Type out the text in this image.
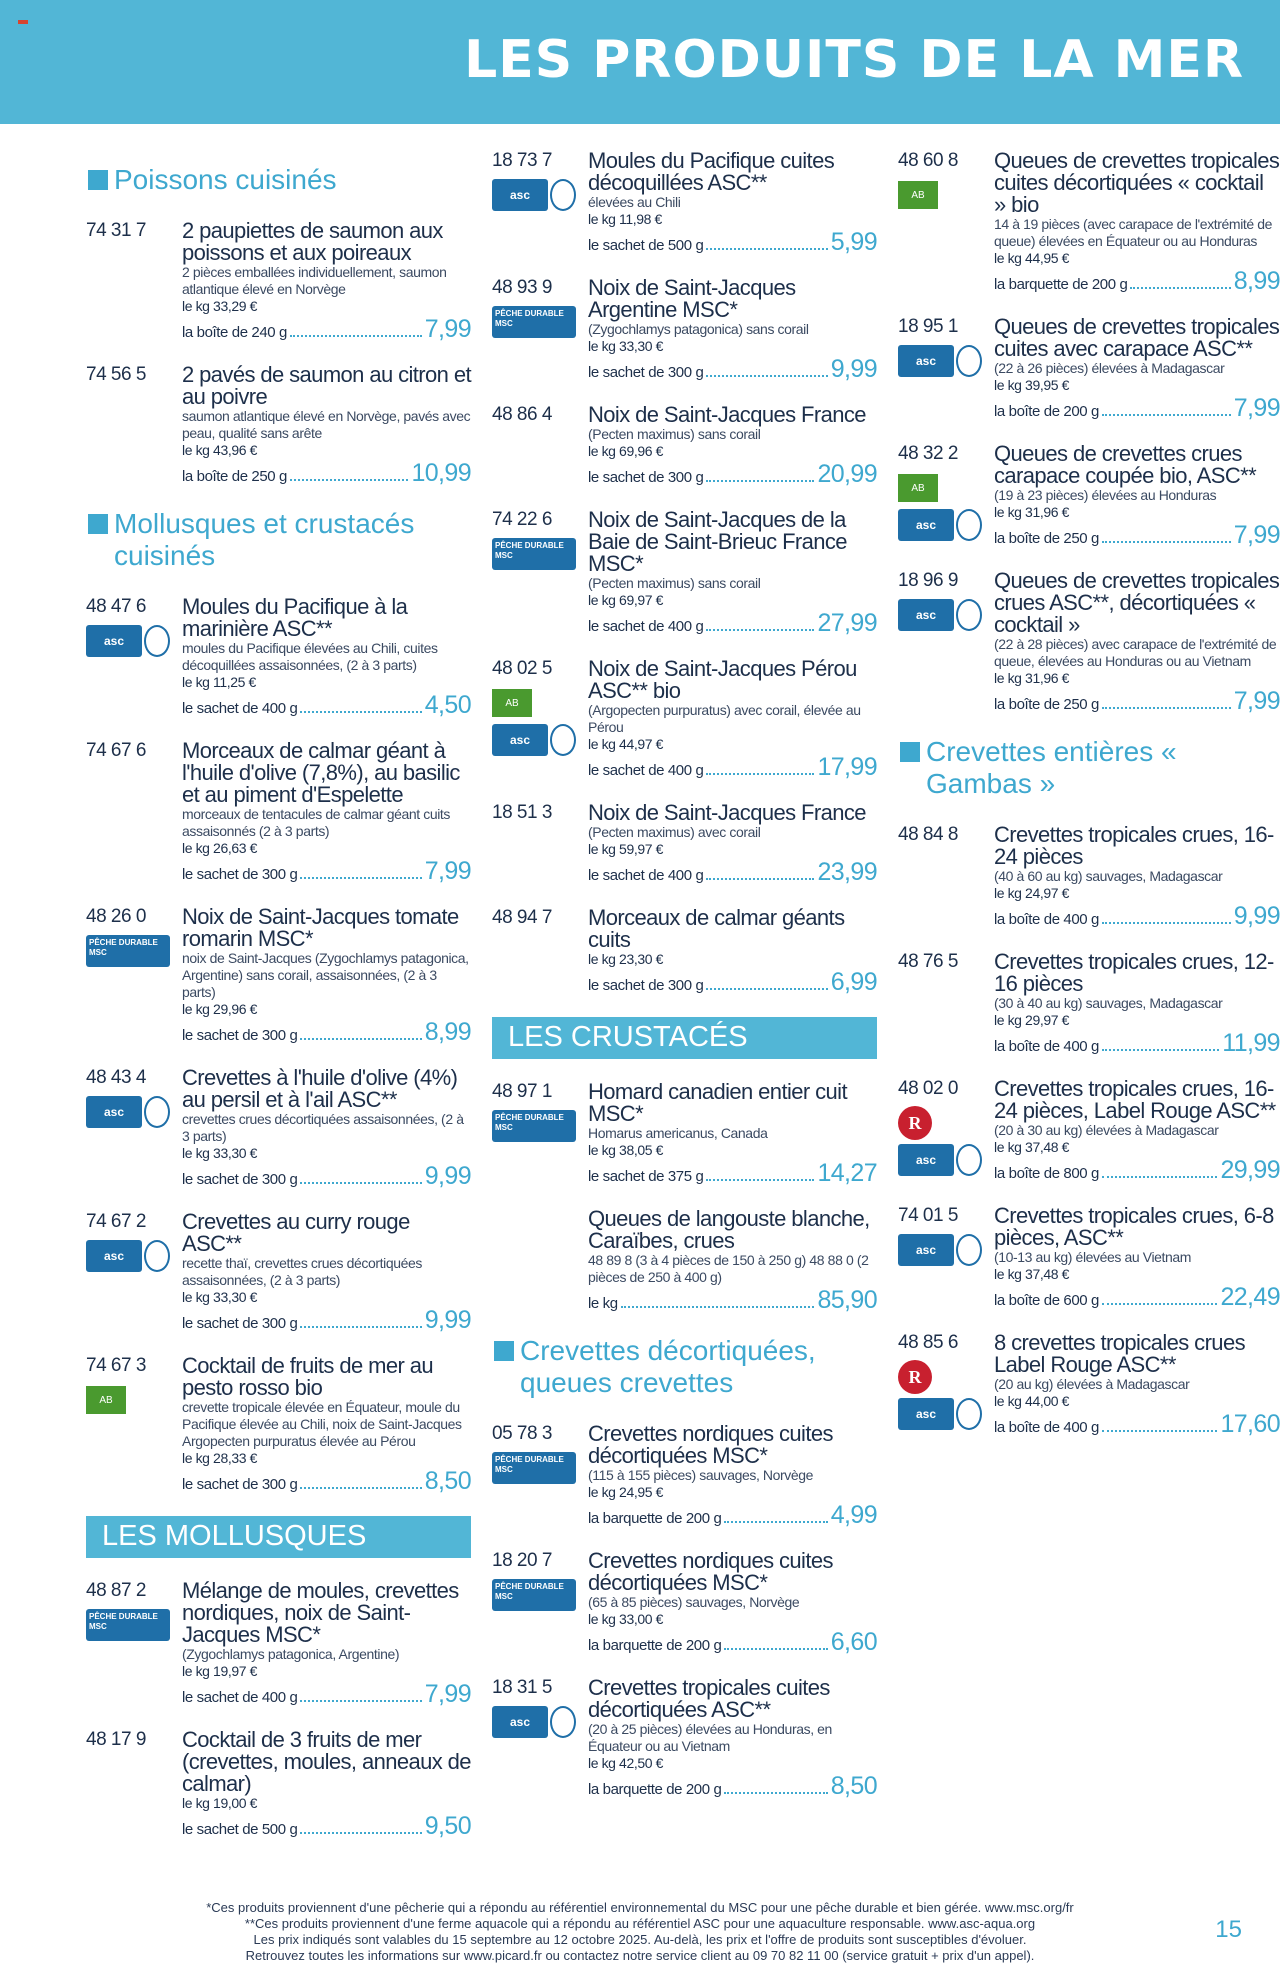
LES PRODUITS DE LA MER
Poissons cuisinés
74 31 7 2 paupiettes de saumon aux poissons et aux poireaux
2 pièces emballées individuellement, saumon atlantique élevé en Norvège
le kg 33,29 €
la boîte de 240 g	7,99
74 56 5 2 pavés de saumon au citron et au poivre
saumon atlantique élevé en Norvège, pavés avec peau, qualité sans arête
le kg 43,96 €
la boîte de 250 g	10,99
Mollusques et crustacés cuisinés
48 47 6
asc
Moules du Pacifique à la marinière ASC**
moules du Pacifique élevées au Chili, cuites décoquillées assaisonnées, (2 à 3 parts)
le kg 11,25 €
le sachet de 400 g	4,50
74 67 6 Morceaux de calmar géant à l'huile d'olive (7,8%), au basilic et au piment d'Espelette
morceaux de tentacules de calmar géant cuits assaisonnés (2 à 3 parts)
le kg 26,63 €
le sachet de 300 g	7,99
48 26 0
PÊCHE DURABLE MSC
Noix de Saint-Jacques tomate romarin MSC*
noix de Saint-Jacques (Zygochlamys patagonica, Argentine) sans corail, assaisonnées, (2 à 3 parts)
le kg 29,96 €
le sachet de 300 g	8,99
48 43 4
asc
Crevettes à l'huile d'olive (4%) au persil et à l'ail ASC**
crevettes crues décortiquées assaisonnées, (2 à 3 parts)
le kg 33,30 €
le sachet de 300 g	9,99
74 67 2
asc
Crevettes au curry rouge ASC**
recette thaï, crevettes crues décortiquées assaisonnées, (2 à 3 parts)
le kg 33,30 €
le sachet de 300 g	9,99
74 67 3
AB
Cocktail de fruits de mer au pesto rosso bio
crevette tropicale élevée en Équateur, moule du Pacifique élevée au Chili, noix de Saint-Jacques Argopecten purpuratus élevée au Pérou
le kg 28,33 €
le sachet de 300 g	8,50
LES MOLLUSQUES
48 87 2
PÊCHE DURABLE MSC
Mélange de moules, crevettes nordiques, noix de Saint-Jacques MSC*
(Zygochlamys patagonica, Argentine)
le kg 19,97 €
le sachet de 400 g	7,99
48 17 9 Cocktail de 3 fruits de mer (crevettes, moules, anneaux de calmar)
le kg 19,00 €
le sachet de 500 g	9,50
18 73 7
asc
Moules du Pacifique cuites décoquillées ASC**
élevées au Chili
le kg 11,98 €
le sachet de 500 g	5,99
48 93 9
PÊCHE DURABLE MSC
Noix de Saint-Jacques Argentine MSC*
(Zygochlamys patagonica) sans corail
le kg 33,30 €
le sachet de 300 g	9,99
48 86 4 Noix de Saint-Jacques France
(Pecten maximus) sans corail
le kg 69,96 €
le sachet de 300 g	20,99
74 22 6
PÊCHE DURABLE MSC
Noix de Saint-Jacques de la Baie de Saint-Brieuc France MSC*
(Pecten maximus) sans corail
le kg 69,97 €
le sachet de 400 g	27,99
48 02 5
AB
asc
Noix de Saint-Jacques Pérou ASC** bio
(Argopecten purpuratus) avec corail, élevée au Pérou
le kg 44,97 €
le sachet de 400 g	17,99
18 51 3 Noix de Saint-Jacques France
(Pecten maximus) avec corail
le kg 59,97 €
le sachet de 400 g	23,99
48 94 7 Morceaux de calmar géants cuits
le kg 23,30 €
le sachet de 300 g	6,99
LES CRUSTACÉS
48 97 1
PÊCHE DURABLE MSC
Homard canadien entier cuit MSC*
Homarus americanus, Canada
le kg 38,05 €
le sachet de 375 g	14,27
Queues de langouste blanche, Caraïbes, crues
48 89 8 (3 à 4 pièces de 150 à 250 g) 48 88 0 (2 pièces de 250 à 400 g)
le kg	85,90
Crevettes décortiquées, queues crevettes
05 78 3
PÊCHE DURABLE MSC
Crevettes nordiques cuites décortiquées MSC*
(115 à 155 pièces) sauvages, Norvège
le kg 24,95 €
la barquette de 200 g	4,99
18 20 7
PÊCHE DURABLE MSC
Crevettes nordiques cuites décortiquées MSC*
(65 à 85 pièces) sauvages, Norvège
le kg 33,00 €
la barquette de 200 g	6,60
18 31 5
asc
Crevettes tropicales cuites décortiquées ASC**
(20 à 25 pièces) élevées au Honduras, en Équateur ou au Vietnam
le kg 42,50 €
la barquette de 200 g	8,50
48 60 8
AB
Queues de crevettes tropicales cuites décortiquées « cocktail » bio
14 à 19 pièces (avec carapace de l'extrémité de queue) élevées en Équateur ou au Honduras
le kg 44,95 €
la barquette de 200 g	8,99
18 95 1
asc
Queues de crevettes tropicales cuites avec carapace ASC**
(22 à 26 pièces) élevées à Madagascar
le kg 39,95 €
la boîte de 200 g	7,99
48 32 2
AB
asc
Queues de crevettes crues carapace coupée bio, ASC**
(19 à 23 pièces) élevées au Honduras
le kg 31,96 €
la boîte de 250 g	7,99
18 96 9
asc
Queues de crevettes tropicales crues ASC**, décortiquées « cocktail »
(22 à 28 pièces) avec carapace de l'extrémité de queue, élevées au Honduras ou au Vietnam
le kg 31,96 €
la boîte de 250 g	7,99
Crevettes entières « Gambas »
48 84 8 Crevettes tropicales crues, 16-24 pièces
(40 à 60 au kg) sauvages, Madagascar
le kg 24,97 €
la boîte de 400 g	9,99
48 76 5 Crevettes tropicales crues, 12-16 pièces
(30 à 40 au kg) sauvages, Madagascar
le kg 29,97 €
la boîte de 400 g	11,99
48 02 0
R
asc
Crevettes tropicales crues, 16-24 pièces, Label Rouge ASC**
(20 à 30 au kg) élevées à Madagascar
le kg 37,48 €
la boîte de 800 g	29,99
74 01 5
asc
Crevettes tropicales crues, 6-8 pièces, ASC**
(10-13 au kg) élevées au Vietnam
le kg 37,48 €
la boîte de 600 g	22,49
48 85 6
R
asc
8 crevettes tropicales crues Label Rouge ASC**
(20 au kg) élevées à Madagascar
le kg 44,00 €
la boîte de 400 g	17,60
*Ces produits proviennent d'une pêcherie qui a répondu au référentiel environnemental du MSC pour une pêche durable et bien gérée. www.msc.org/fr
**Ces produits proviennent d'une ferme aquacole qui a répondu au référentiel ASC pour une aquaculture responsable. www.asc-aqua.org
Les prix indiqués sont valables du 15 septembre au 12 octobre 2025. Au-delà, les prix et l'offre de produits sont susceptibles d'évoluer.
Retrouvez toutes les informations sur www.picard.fr ou contactez notre service client au 09 70 82 11 00 (service gratuit + prix d'un appel).
15
